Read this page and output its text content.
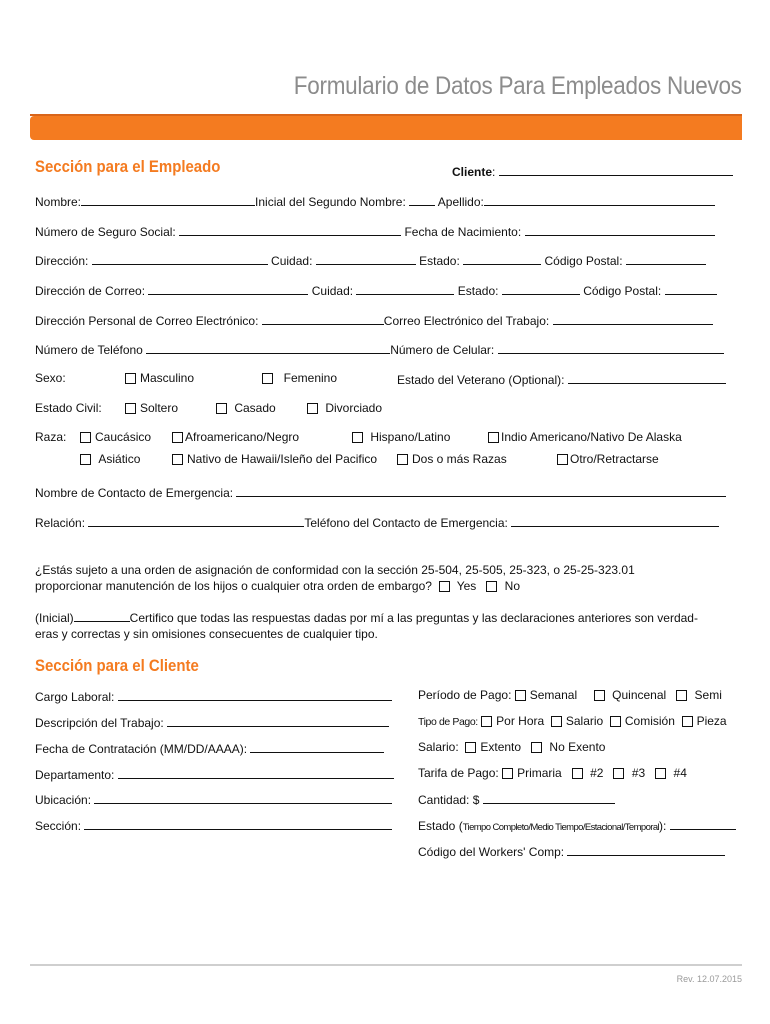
Formulario de Datos Para Empleados Nuevos
Sección para el Empleado	Cliente:
Nombre:	Inicial del Segundo Nombre:	Apellido:
Número de Seguro Social:	Fecha de Nacimiento:
Dirección:	Cuidad:	Estado:	Código Postal:
Dirección de Correo:	Cuidad:	Estado:	Código Postal:
Dirección Personal de Correo Electrónico:	Correo Electrónico del Trabajo:
Número de Teléfono	Número de Celular:
Sexo:	Masculino	Femenino	Estado del Veterano (Optional):
Estado Civil:	Soltero	Casado	Divorciado
Raza:	Caucásico	Afroamericano/Negro	Hispano/Latino	Indio Americano/Nativo De Alaska
Asiático	Nativo de Hawaii/Isleño del Pacifico	Dos o más Razas	Otro/Retractarse
Nombre de Contacto de Emergencia:
Relación:	Teléfono del Contacto de Emergencia:
¿Estás sujeto a una orden de asignación de conformidad con la sección 25-504, 25-505, 25-323, o 25-25-323.01
proporcionar manutención de los hijos o cualquier otra orden de embargo? Yes No
(Inicial)	Certifico que todas las respuestas dadas por mí a las preguntas y las declaraciones anteriores son verdad-
eras y correctas y sin omisiones consecuentes de cualquier tipo.
Sección para el Cliente
Cargo Laboral:
Descripción del Trabajo:
Fecha de Contratación (MM/DD/AAAA):
Departamento:
Ubicación:
Sección:
Período de Pago: Semanal	Quincenal Semi
Tipo de Pago: Por Hora Salario Comisión Pieza
Salario: Extento No Exento
Tarifa de Pago: Primaria #2 #3 #4
Cantidad: $
Estado (Tiempo Completo/Medio Tiempo/Estacional/Temporal):
Código del Workers' Comp:
Rev. 12.07.2015
